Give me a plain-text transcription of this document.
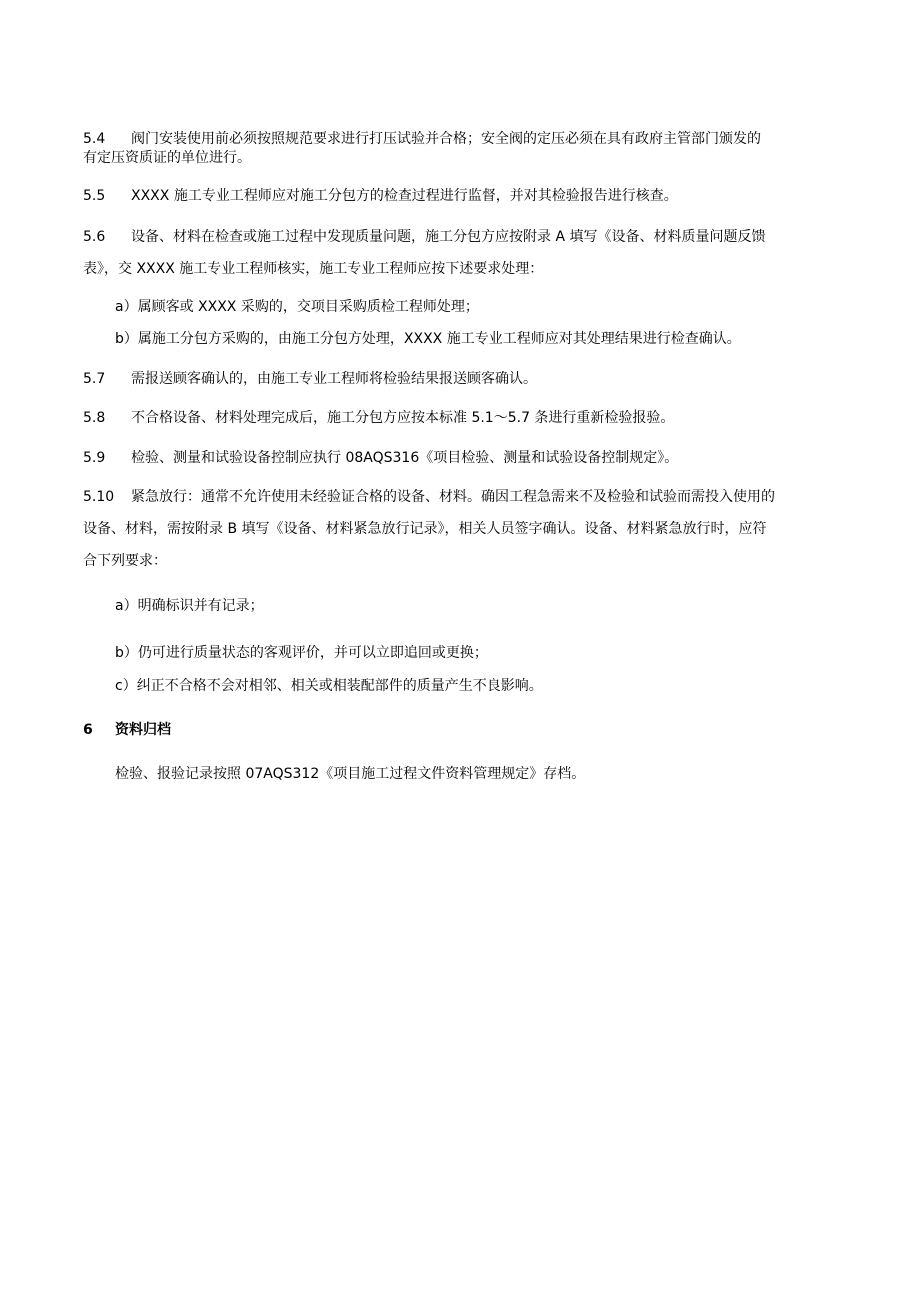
5.4 阀门安装使用前必须按照规范要求进行打压试验并合格；安全阀的定压必须在具有政府主管部门颁发的
有定压资质证的单位进行。
5.5 XXXX 施工专业工程师应对施工分包方的检查过程进行监督，并对其检验报告进行核查。
5.6 设备、材料在检查或施工过程中发现质量问题，施工分包方应按附录 A 填写《设备、材料质量问题反馈
表》，交 XXXX 施工专业工程师核实，施工专业工程师应按下述要求处理：
a）属顾客或 XXXX 采购的，交项目采购质检工程师处理；
b）属施工分包方采购的，由施工分包方处理，XXXX 施工专业工程师应对其处理结果进行检查确认。
5.7 需报送顾客确认的，由施工专业工程师将检验结果报送顾客确认。
5.8 不合格设备、材料处理完成后，施工分包方应按本标准 5.1～5.7 条进行重新检验报验。
5.9 检验、测量和试验设备控制应执行 08AQS316《项目检验、测量和试验设备控制规定》。
5.10 紧急放行：通常不允许使用未经验证合格的设备、材料。确因工程急需来不及检验和试验而需投入使用的
设备、材料，需按附录 B 填写《设备、材料紧急放行记录》，相关人员签字确认。设备、材料紧急放行时，应符
合下列要求：
a）明确标识并有记录；
b）仍可进行质量状态的客观评价，并可以立即追回或更换；
c）纠正不合格不会对相邻、相关或相装配部件的质量产生不良影响。
6 资料归档
检验、报验记录按照 07AQS312《项目施工过程文件资料管理规定》存档。
